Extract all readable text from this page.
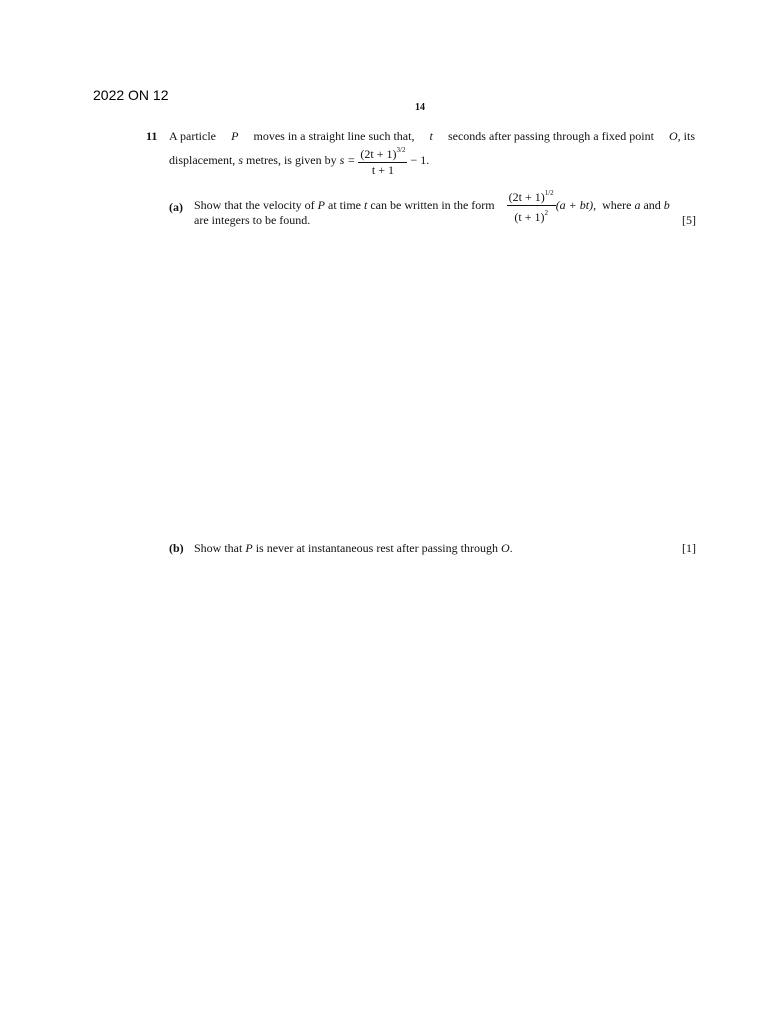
2022 ON 12
14
11 A particle P moves in a straight line such that, t seconds after passing through a fixed point O, its
displacement,
s
metres, is given by
s =
$\frac{(2t + 1)^{3/2}}{t + 1}$
− 1.
(a) Show that the velocity of
P
at time
t
can be written in the form
$\frac{(2t + 1)^{1/2}}{(t + 1)^2} (a + bt)$,
where
a
and
b
are integers to be found.	[5]
(b) Show that P is never at instantaneous rest after passing through O.	[1]
